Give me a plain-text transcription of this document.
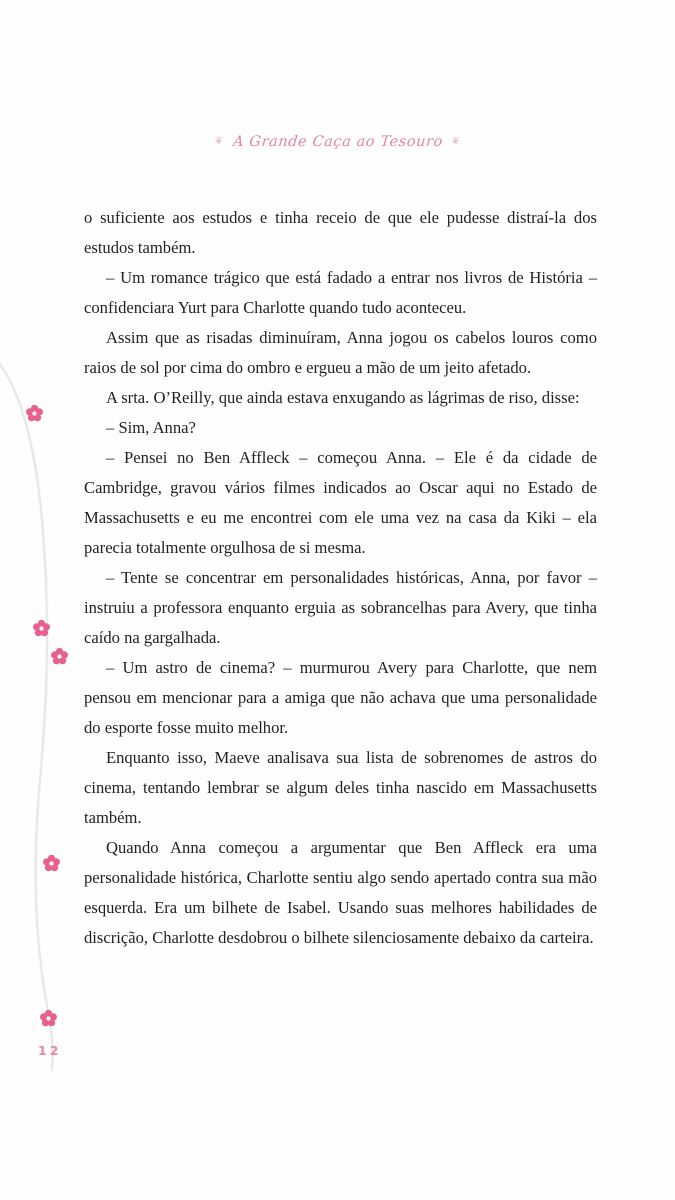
❦ A Grande Caça ao Tesouro ❦

o suficiente aos estudos e tinha receio de que ele pudesse distraí-la dos estudos também.

– Um romance trágico que está fadado a entrar nos livros de História – confidenciara Yurt para Charlotte quando tudo aconteceu.

Assim que as risadas diminuíram, Anna jogou os cabelos louros como raios de sol por cima do ombro e ergueu a mão de um jeito afetado.

A srta. O’Reilly, que ainda estava enxugando as lágrimas de riso, disse:

– Sim, Anna?

– Pensei no Ben Affleck – começou Anna. – Ele é da cidade de Cambridge, gravou vários filmes indicados ao Oscar aqui no Estado de Massachusetts e eu me encontrei com ele uma vez na casa da Kiki – ela parecia totalmente orgulhosa de si mesma.

– Tente se concentrar em personalidades históricas, Anna, por favor – instruiu a professora enquanto erguia as sobrancelhas para Avery, que tinha caído na gargalhada.

– Um astro de cinema? – murmurou Avery para Charlotte, que nem pensou em mencionar para a amiga que não achava que uma personalidade do esporte fosse muito melhor.

Enquanto isso, Maeve analisava sua lista de sobrenomes de astros do cinema, tentando lembrar se algum deles tinha nascido em Massachusetts também.

Quando Anna começou a argumentar que Ben Affleck era uma personalidade histórica, Charlotte sentiu algo sendo apertado contra sua mão esquerda. Era um bilhete de Isabel. Usando suas melhores habilidades de discrição, Charlotte desdobrou o bilhete silenciosamente debaixo da carteira.

12
